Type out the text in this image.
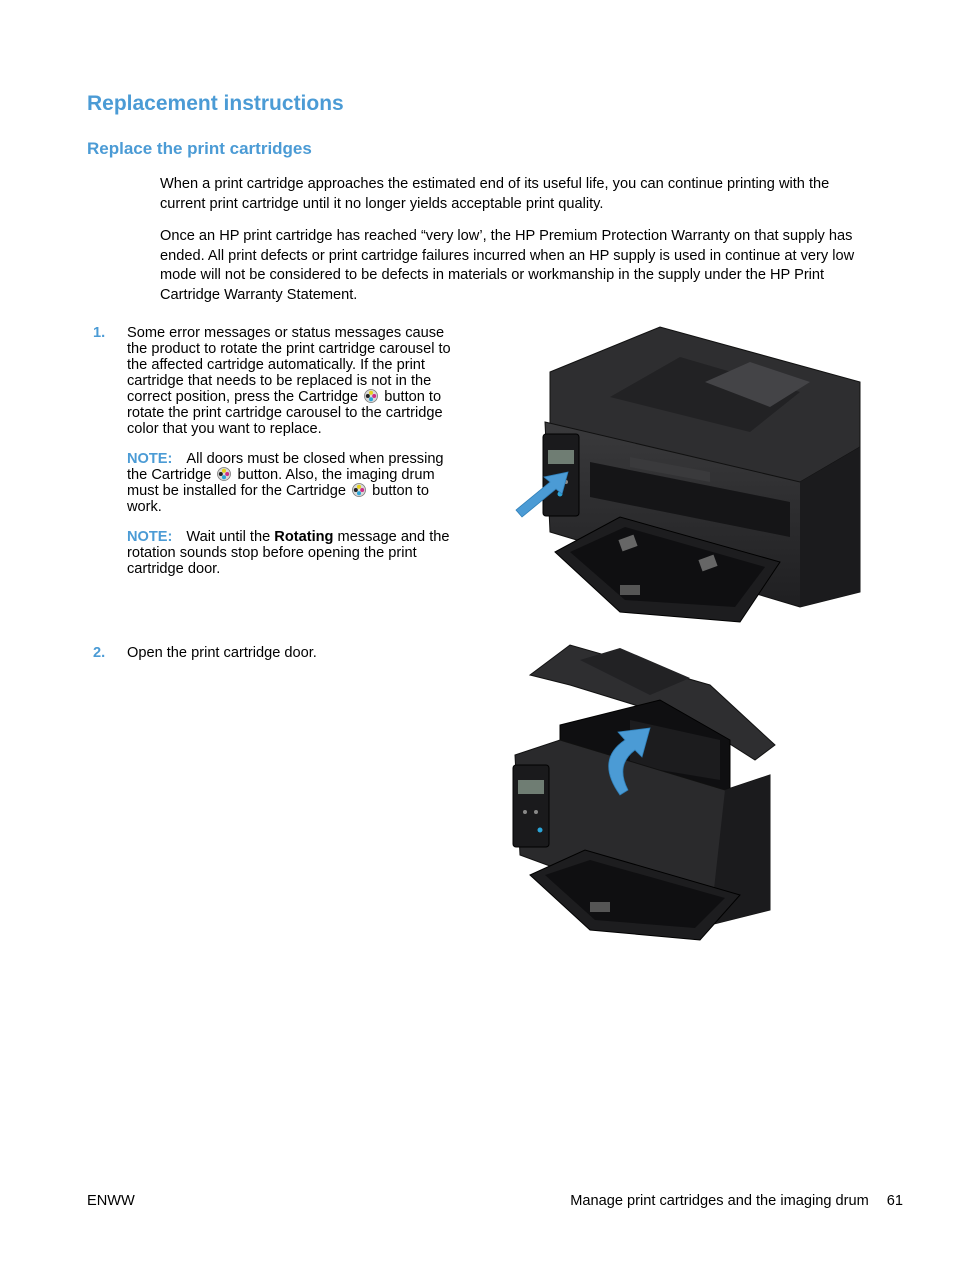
Replacement instructions
Replace the print cartridges

When a print cartridge approaches the estimated end of its useful life, you can continue printing with the current print cartridge until it no longer yields acceptable print quality.

Once an HP print cartridge has reached “very low’, the HP Premium Protection Warranty on that supply has ended. All print defects or print cartridge failures incurred when an HP supply is used in continue at very low mode will not be considered to be defects in materials or workmanship in the supply under the HP Print Cartridge Warranty Statement.

1. Some error messages or status messages cause the product to rotate the print cartridge carousel to the affected cartridge automatically. If the print cartridge that needs to be replaced is not in the correct position, press the Cartridge button to rotate the print cartridge carousel to the cartridge color that you want to replace.
NOTE: All doors must be closed when pressing the Cartridge button. Also, the imaging drum must be installed for the Cartridge button to work.
NOTE: Wait until the Rotating message and the rotation sounds stop before opening the print cartridge door.
2. Open the print cartridge door.
ENWW	Manage print cartridges and the imaging drum 61
